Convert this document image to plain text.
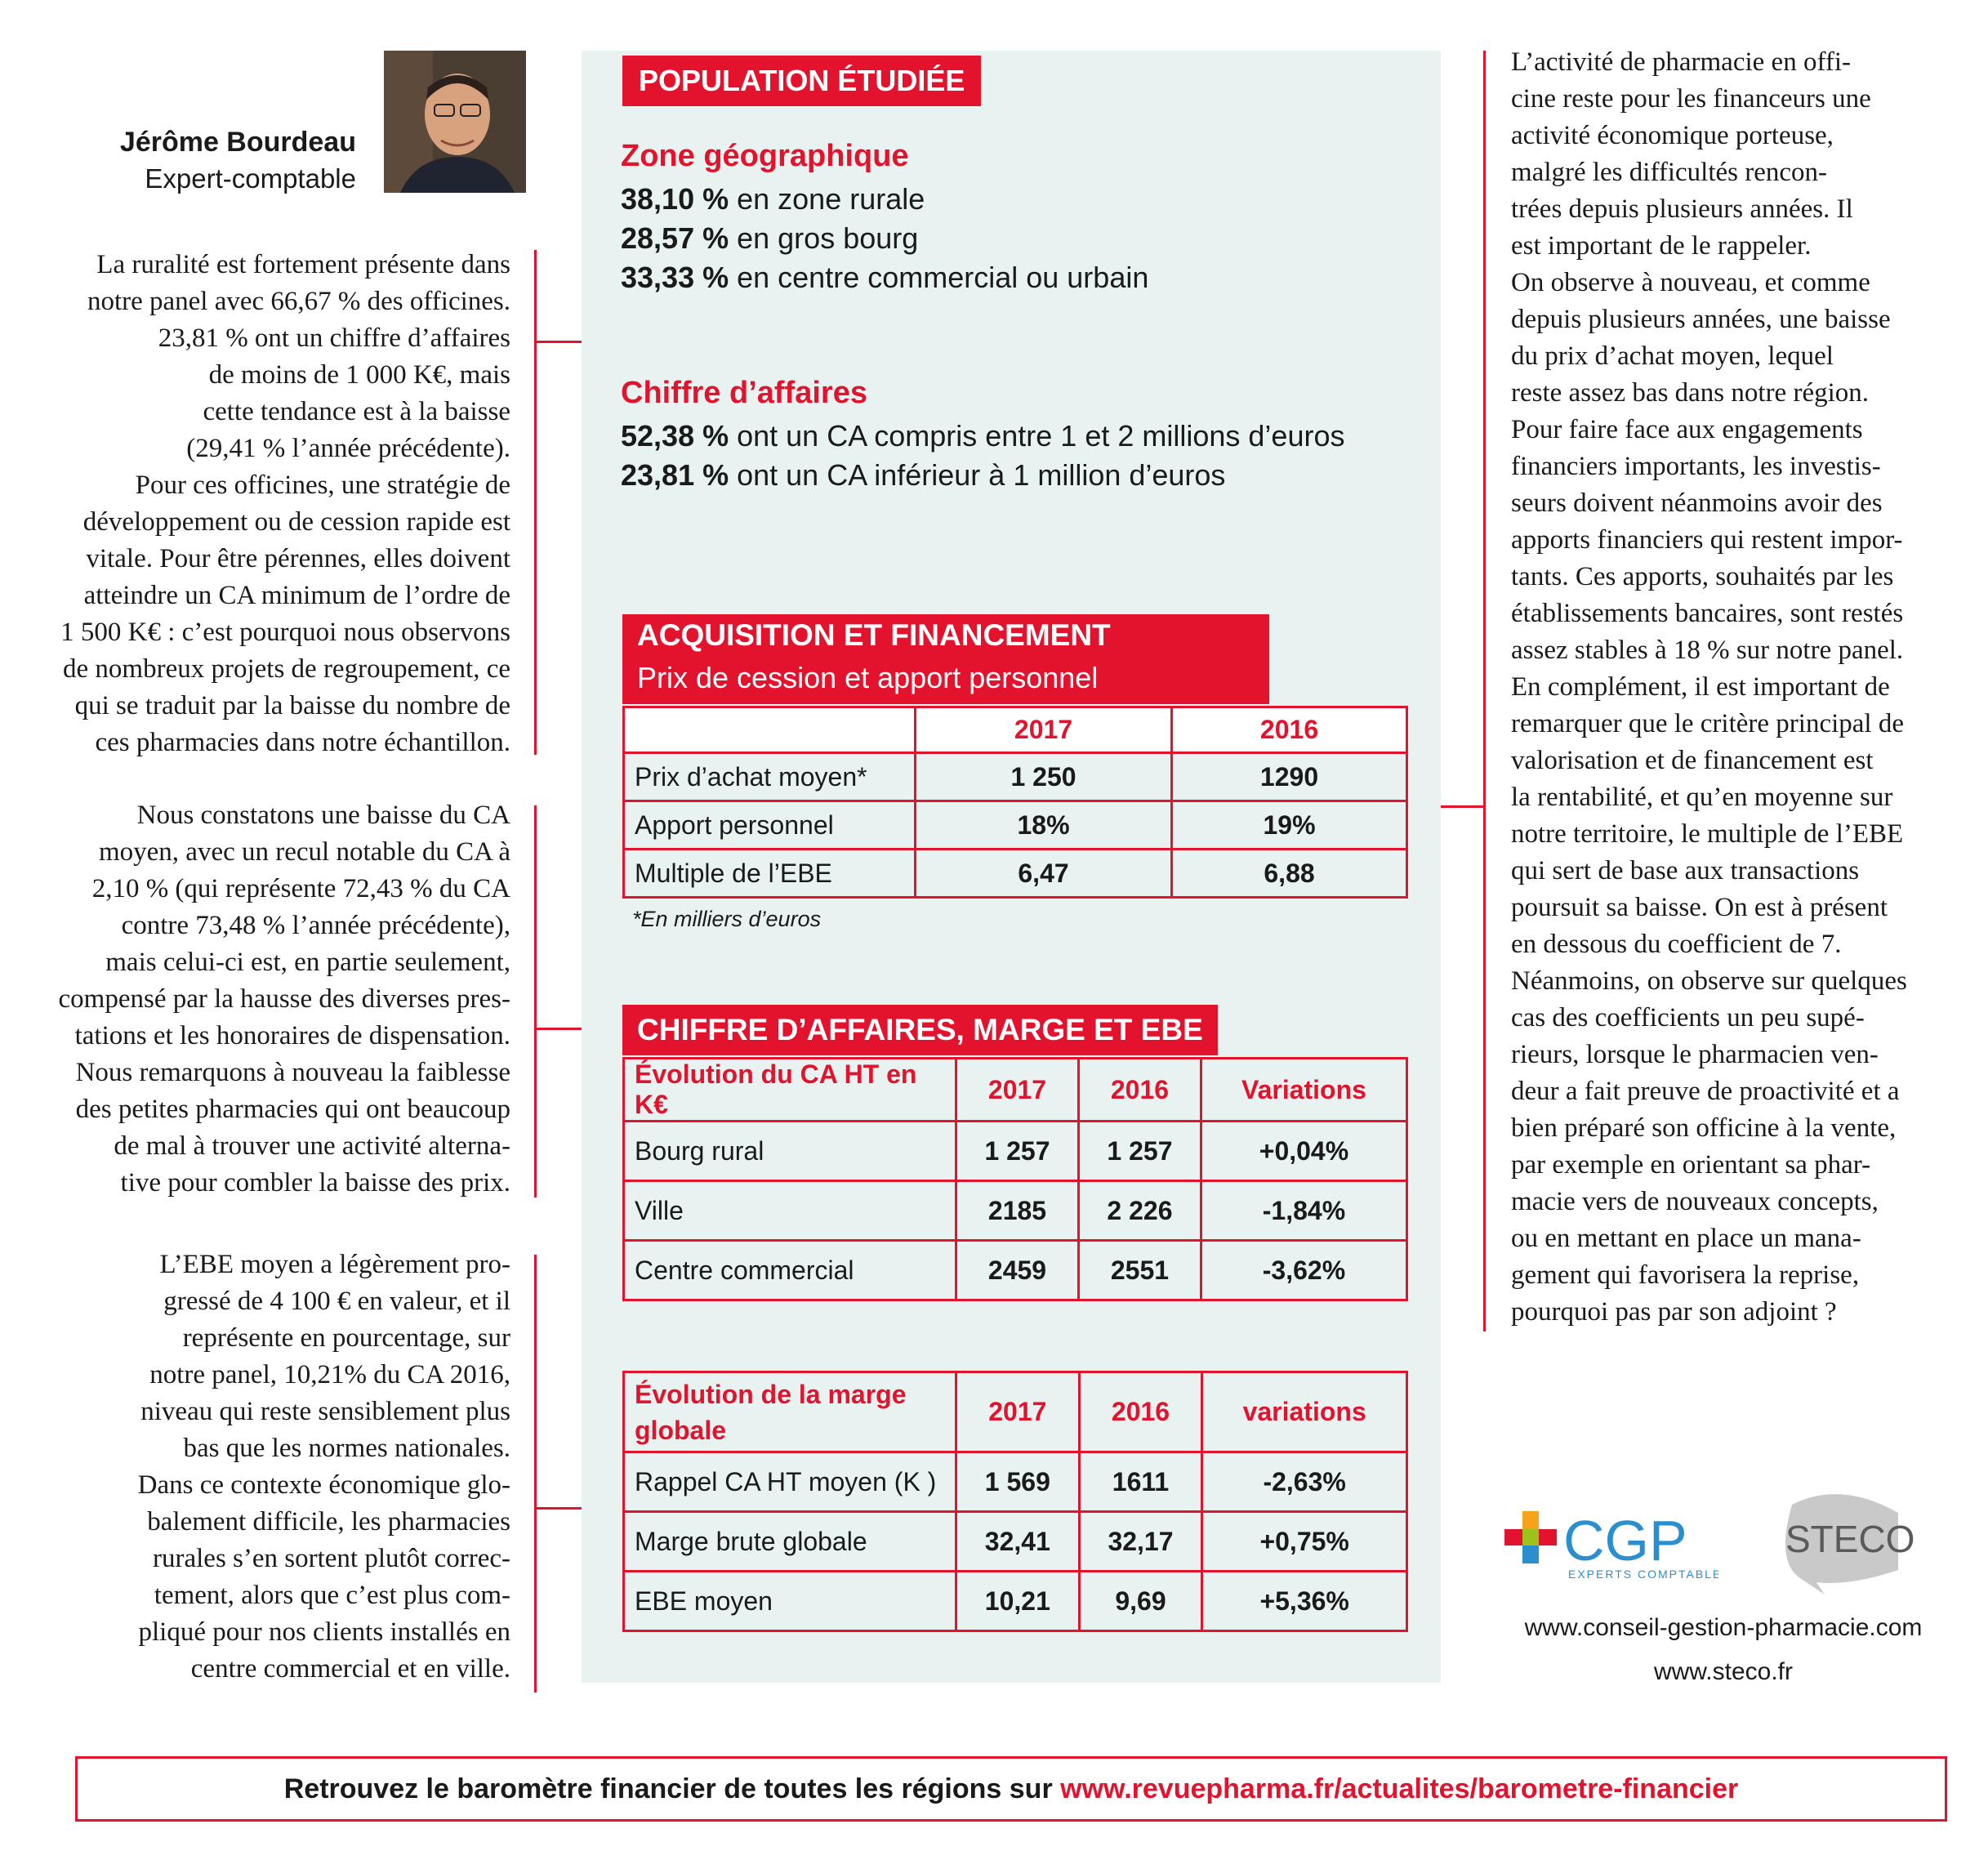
Jérôme Bourdeau
Expert-comptable
La ruralité est fortement présente dans
notre panel avec 66,67 % des officines.
23,81 % ont un chiffre d’affaires
de moins de 1 000 K€, mais
cette tendance est à la baisse
(29,41 % l’année précédente).
Pour ces officines, une stratégie de
développement ou de cession rapide est
vitale. Pour être pérennes, elles doivent
atteindre un CA minimum de l’ordre de
1 500 K€ : c’est pourquoi nous observons
de nombreux projets de regroupement, ce
qui se traduit par la baisse du nombre de
ces pharmacies dans notre échantillon.
Nous constatons une baisse du CA
moyen, avec un recul notable du CA à
2,10 % (qui représente 72,43 % du CA
contre 73,48 % l’année précédente),
mais celui-ci est, en partie seulement,
compensé par la hausse des diverses pres-
tations et les honoraires de dispensation.
Nous remarquons à nouveau la faiblesse
des petites pharmacies qui ont beaucoup
de mal à trouver une activité alterna-
tive pour combler la baisse des prix.
L’EBE moyen a légèrement pro-
gressé de 4 100 € en valeur, et il
représente en pourcentage, sur
notre panel, 10,21% du CA 2016,
niveau qui reste sensiblement plus
bas que les normes nationales.
Dans ce contexte économique glo-
balement difficile, les pharmacies
rurales s’en sortent plutôt correc-
tement, alors que c’est plus com-
pliqué pour nos clients installés en
centre commercial et en ville.
POPULATION ÉTUDIÉE
Zone géographique
38,10 % en zone rurale
28,57 % en gros bourg
33,33 % en centre commercial ou urbain
Chiffre d’affaires
52,38 % ont un CA compris entre 1 et 2 millions d’euros
23,81 % ont un CA inférieur à 1 million d’euros
ACQUISITION ET FINANCEMENT
Prix de cession et apport personnel
	2017	2016
Prix d’achat moyen*	1 250	1290
Apport personnel	18%	19%
Multiple de l’EBE	6,47	6,88
*En milliers d’euros
CHIFFRE D’AFFAIRES, MARGE ET EBE
Évolution du CA HT en K€	2017	2016	Variations
Bourg rural	1 257	1 257	+0,04%
Ville	2185	2 226	-1,84%
Centre commercial	2459	2551	-3,62%
Évolution de la marge globale	2017	2016	variations
Rappel CA HT moyen (K )	1 569	1611	-2,63%
Marge brute globale	32,41	32,17	+0,75%
EBE moyen	10,21	9,69	+5,36%
L’activité de pharmacie en offi-
cine reste pour les financeurs une
activité économique porteuse,
malgré les difficultés rencon-
trées depuis plusieurs années. Il
est important de le rappeler.
On observe à nouveau, et comme
depuis plusieurs années, une baisse
du prix d’achat moyen, lequel
reste assez bas dans notre région.
Pour faire face aux engagements
financiers importants, les investis-
seurs doivent néanmoins avoir des
apports financiers qui restent impor-
tants. Ces apports, souhaités par les
établissements bancaires, sont restés
assez stables à 18 % sur notre panel.
En complément, il est important de
remarquer que le critère principal de
valorisation et de financement est
la rentabilité, et qu’en moyenne sur
notre territoire, le multiple de l’EBE
qui sert de base aux transactions
poursuit sa baisse. On est à présent
en dessous du coefficient de 7.
Néanmoins, on observe sur quelques
cas des coefficients un peu supé-
rieurs, lorsque le pharmacien ven-
deur a fait preuve de proactivité et a
bien préparé son officine à la vente,
par exemple en orientant sa phar-
macie vers de nouveaux concepts,
ou en mettant en place un mana-
gement qui favorisera la reprise,
pourquoi pas par son adjoint ?
CGP
EXPERTS COMPTABLES
STECO
www.conseil-gestion-pharmacie.com
www.steco.fr
Retrouvez le baromètre financier de toutes les régions sur www.revuepharma.fr/actualites/barometre-financier
